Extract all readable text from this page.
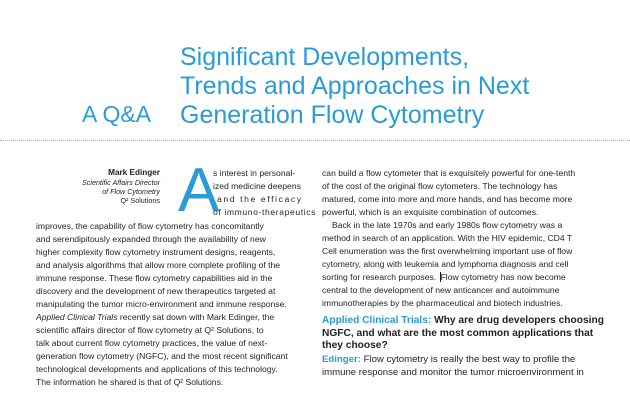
A Q&A
Significant Developments,
Trends and Approaches in Next
Generation Flow Cytometry
Mark Edinger
Scientific Affairs Director
of Flow Cytometry
Q² Solutions A
s interest in personal-
ized medicine deepens
and the efficacy
of immuno-therapeutics
improves, the capability of flow cytometry has concomitantly
and serendipitously expanded through the availability of new
higher complexity flow cytometry instrument designs, reagents,
and analysis algorithms that allow more complete profiling of the
immune response. These flow cytometry capabilities aid in the
discovery and the development of new therapeutics targeted at
manipulating the tumor micro-environment and immune response.
Applied Clinical Trials recently sat down with Mark Edinger, the
scientific affairs director of flow cytometry at Q² Solutions, to
talk about current flow cytometry practices, the value of next-
generation flow cytometry (NGFC), and the most recent significant
technological developments and applications of this technology.
The information he shared is that of Q² Solutions.

can build a flow cytometer that is exquisitely powerful for one-tenth
of the cost of the original flow cytometers. The technology has
matured, come into more and more hands, and has become more
powerful, which is an exquisite combination of outcomes.

Back in the late 1970s and early 1980s flow cytometry was a
method in search of an application. With the HIV epidemic, CD4 T
Cell enumeration was the first overwhelming important use of flow
cytometry, along with leukemia and lymphoma diagnosis and cell
sorting for research purposes. Flow cytometry has now become
central to the development of new anticancer and autoimmune
immunotherapies by the pharmaceutical and biotech industries.

Applied Clinical Trials: Why are drug developers choosing
NGFC, and what are the most common applications that
they choose?

Edinger: Flow cytometry is really the best way to profile the
immune response and monitor the tumor microenvironment in
